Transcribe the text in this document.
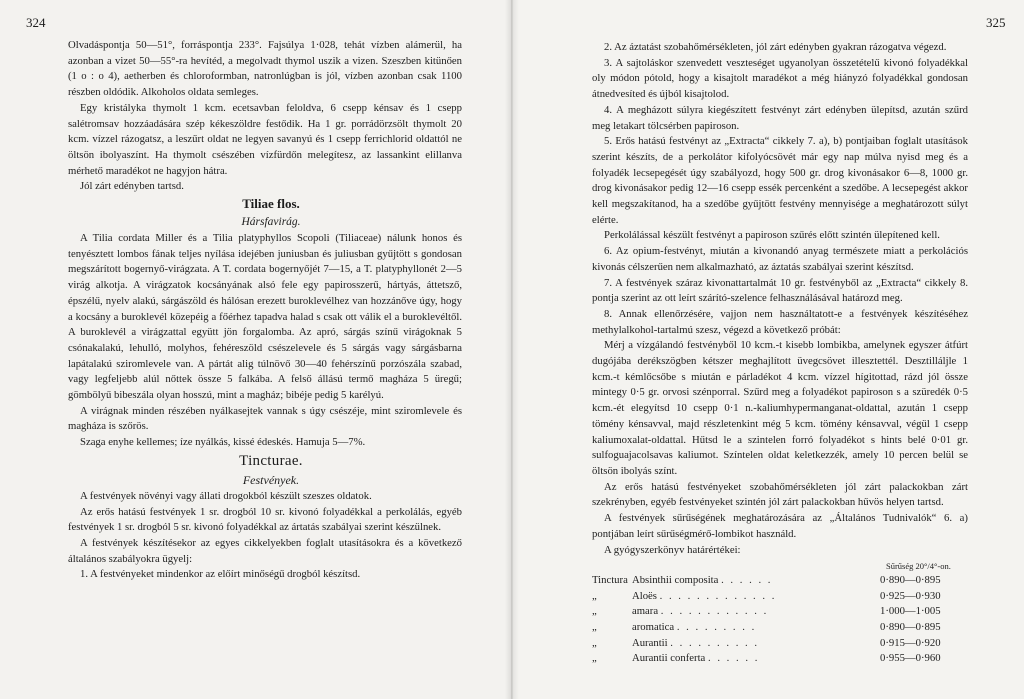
324

Olvadáspontja 50—51°, forráspontja 233°. Fajsúlya 1·028, tehát vízben alámerül, ha azonban a vizet 50—55°-ra hevítéd, a megolvadt thymol uszik a vizen. Szeszben kitünően (1 o : o 4), aetherben és chloroformban, natronlúgban is jól, vízben azonban csak 1100 részben oldódik. Alkoholos oldata semleges.

Egy kristályka thymolt 1 kcm. ecetsavban feloldva, 6 csepp kénsav és 1 csepp salétromsav hozzáadására szép kékeszöldre festődik. Ha 1 gr. porrádörzsölt thymolt 20 kcm. vízzel rázogatsz, a leszűrt oldat ne legyen savanyú és 1 csepp ferrichlorid oldattól ne öltsön ibolyaszínt. Ha thymolt csészében vízfürdőn melegítesz, az lassankint elillanva mérhető maradékot ne hagyjon hátra.

Jól zárt edényben tartsd.

Tiliae flos.

Hársfavirág.

A Tilia cordata Miller és a Tilia platyphyllos Scopoli (Tiliaceae) nálunk honos és tenyésztett lombos fának teljes nyílása idejében juniusban és juliusban gyűjtött s gondosan megszárított bogernyő-virágzata. A T. cordata bogernyőjét 7—15, a T. platyphyllonét 2—5 virág alkotja. A virágzatok kocsányának alsó fele egy papirosszerű, hártyás, áttetsző, épszélű, nyelv alakú, sárgászöld és hálósan erezett buroklevélhez van hozzánőve úgy, hogy a kocsány a buroklevél közepéig a főérhez tapadva halad s csak ott válik el a buroklevéltől. A buroklevél a virágzattal együtt jön forgalomba. Az apró, sárgás színű virágoknak 5 csónakalakú, lehulló, molyhos, fehéreszöld csészelevele és 5 sárgás vagy sárgásbarna lapátalakú sziromlevele van. A pártát alig túlnövő 30—40 fehérszínű porzószála szabad, vagy legfeljebb alúl nőttek össze 5 falkába. A felső állású termő magháza 5 üregű; gömbölyű bibeszála olyan hosszú, mint a magház; bibéje pedig 5 karélyú.

A virágnak minden részében nyálkasejtek vannak s úgy csészéje, mint sziromlevele és magháza is szőrös.

Szaga enyhe kellemes; íze nyálkás, kissé édeskés. Hamuja 5—7%.

Tincturae.

Festvények.

A festvények növényi vagy állati drogokból készült szeszes oldatok.

Az erős hatású festvények 1 sr. drogból 10 sr. kivonó folyadékkal a perkolálás, egyéb festvények 1 sr. drogból 5 sr. kivonó folyadékkal az ártatás szabályai szerint készülnek.

A festvények készítésekor az egyes cikkelyekben foglalt utasításokra és a következő általános szabályokra ügyelj:

1. A festvényeket mindenkor az előírt minőségű drogból készítsd.

325

2. Az áztatást szobahőmérsékleten, jól zárt edényben gyakran rázogatva végezd.

3. A sajtoláskor szenvedett veszteséget ugyanolyan összetételű kivonó folyadékkal oly módon pótold, hogy a kisajtolt maradékot a még hiányzó folyadékkal gondosan átnedvesíted és újból kisajtolod.

4. A megházott súlyra kiegészített festvényt zárt edényben ülepítsd, azután szűrd meg letakart tölcsérben papiroson.

5. Erős hatású festvényt az „Extracta“ cikkely 7. a), b) pontjaiban foglalt utasítások szerint készíts, de a perkolátor kifolyócsövét már egy nap múlva nyisd meg és a folyadék lecsepegését úgy szabályozd, hogy 500 gr. drog kivonásakor 6—8, 1000 gr. drog kivonásakor pedig 12—16 csepp essék percenként a szedőbe. A lecsepegést akkor kell megszakítanod, ha a szedőbe gyűjtött festvény mennyisége a meghatározott súlyt elérte.

Perkolálással készült festvényt a papiroson szűrés előtt szintén ülepítened kell.

6. Az opium-festvényt, miután a kivonandó anyag természete miatt a perkolációs kivonás célszerűen nem alkalmazható, az áztatás szabályai szerint készítsd.

7. A festvények száraz kivonattartalmát 10 gr. festvényből az „Extracta“ cikkely 8. pontja szerint az ott leírt szárító-szelence felhasználásával határozd meg.

8. Annak ellenőrzésére, vajjon nem használtatott-e a festvények készítéséhez methylalkohol-tartalmú szesz, végezd a következő próbát:

Mérj a vízgálandó festvényből 10 kcm.-t kisebb lombikba, amelynek egyszer átfúrt dugójába derékszögben kétszer meghajlított üvegcsövet illesztettél. Desztilláljle 1 kcm.-t kémlőcsőbe s miután e párladékot 4 kcm. vízzel hígitottad, rázd jól össze mintegy 0·5 gr. orvosi szénporral. Szűrd meg a folyadékot papiroson s a szüredék 0·5 kcm.-ét elegyítsd 10 csepp 0·1 n.-kaliumhypermanganat-oldattal, azután 1 csepp tömény kénsavval, majd részletenkint még 5 kcm. tömény kénsavval, végül 1 csepp kaliumoxalat-oldattal. Hűtsd le a szintelen forró folyadékot s hints belé 0·01 gr. sulfoguajacolsavas kaliumot. Színtelen oldat keletkezzék, amely 10 percen belül se öltsön ibolyás színt.

Az erős hatású festvényeket szobahőmérsékleten jól zárt palackokban zárt szekrényben, egyéb festvényeket szintén jól zárt palackokban hűvös helyen tartsd.

A festvények sűrűségének meghatározására az „Általános Tudnivalók“ 6. a) pontjában leírt sűrűségmérő-lombikot használd.

A gyógyszerkönyv határértékei:

		Sűrűség 20°/4°-on.
Tinctura	Absinthii composita . . . . . .	0·890—0·895
„	Aloës . . . . . . . . . . . . .	0·925—0·930
„	amara . . . . . . . . . . . .	1·000—1·005
„	aromatica . . . . . . . . .	0·890—0·895
„	Aurantii . . . . . . . . . .	0·915—0·920
„	Aurantii conferta . . . . . .	0·955—0·960
